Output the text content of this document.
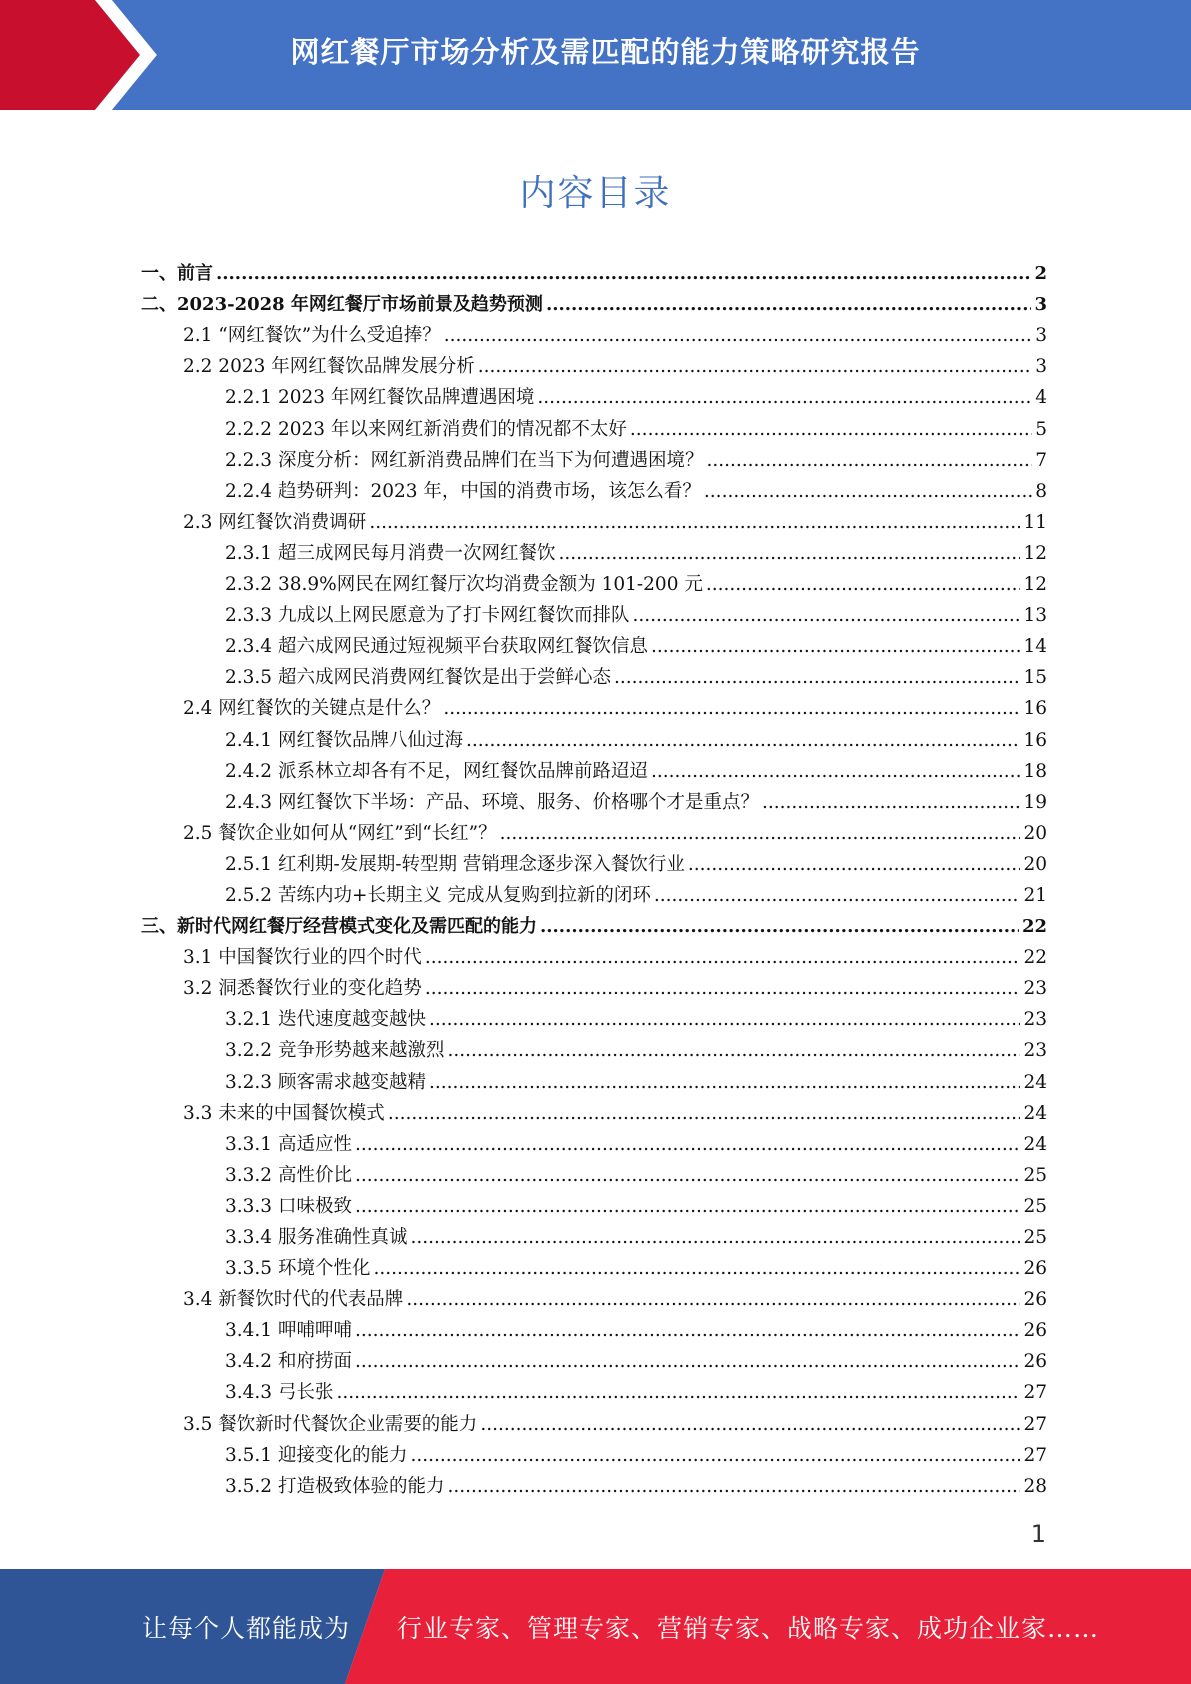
网红餐厅市场分析及需匹配的能力策略研究报告
内容目录
一、前言 .....	2
二、2023-2028 年网红餐厅市场前景及趋势预测 .....	3
2.1 “网红餐饮”为什么受追捧？ .....	3
2.2 2023 年网红餐饮品牌发展分析 .....	3
2.2.1 2023 年网红餐饮品牌遭遇困境 .....	4
2.2.2 2023 年以来网红新消费们的情况都不太好 .....	5
2.2.3 深度分析：网红新消费品牌们在当下为何遭遇困境？ .....	7
2.2.4 趋势研判：2023 年，中国的消费市场，该怎么看？ .....	8
2.3 网红餐饮消费调研 .....	11
2.3.1 超三成网民每月消费一次网红餐饮 .....	12
2.3.2 38.9%网民在网红餐厅次均消费金额为 101-200 元 .....	12
2.3.3 九成以上网民愿意为了打卡网红餐饮而排队 .....	13
2.3.4 超六成网民通过短视频平台获取网红餐饮信息 .....	14
2.3.5 超六成网民消费网红餐饮是出于尝鲜心态 .....	15
2.4 网红餐饮的关键点是什么？ .....	16
2.4.1 网红餐饮品牌八仙过海 .....	16
2.4.2 派系林立却各有不足，网红餐饮品牌前路迢迢 .....	18
2.4.3 网红餐饮下半场：产品、环境、服务、价格哪个才是重点？ .....	19
2.5 餐饮企业如何从“网红”到“长红”？ .....	20
2.5.1 红利期-发展期-转型期 营销理念逐步深入餐饮行业 .....	20
2.5.2 苦练内功+长期主义 完成从复购到拉新的闭环 .....	21
三、新时代网红餐厅经营模式变化及需匹配的能力 .....	22
3.1 中国餐饮行业的四个时代 .....	22
3.2 洞悉餐饮行业的变化趋势 .....	23
3.2.1 迭代速度越变越快 .....	23
3.2.2 竞争形势越来越激烈 .....	23
3.2.3 顾客需求越变越精 .....	24
3.3 未来的中国餐饮模式 .....	24
3.3.1 高适应性 .....	24
3.3.2 高性价比 .....	25
3.3.3 口味极致 .....	25
3.3.4 服务准确性真诚 .....	25
3.3.5 环境个性化 .....	26
3.4 新餐饮时代的代表品牌 .....	26
3.4.1 呷哺呷哺 .....	26
3.4.2 和府捞面 .....	26
3.4.3 弓长张 .....	27
3.5 餐饮新时代餐饮企业需要的能力 .....	27
3.5.1 迎接变化的能力 .....	27
3.5.2 打造极致体验的能力 .....	28
1
让每个人都能成为 行业专家、管理专家、营销专家、战略专家、成功企业家……
